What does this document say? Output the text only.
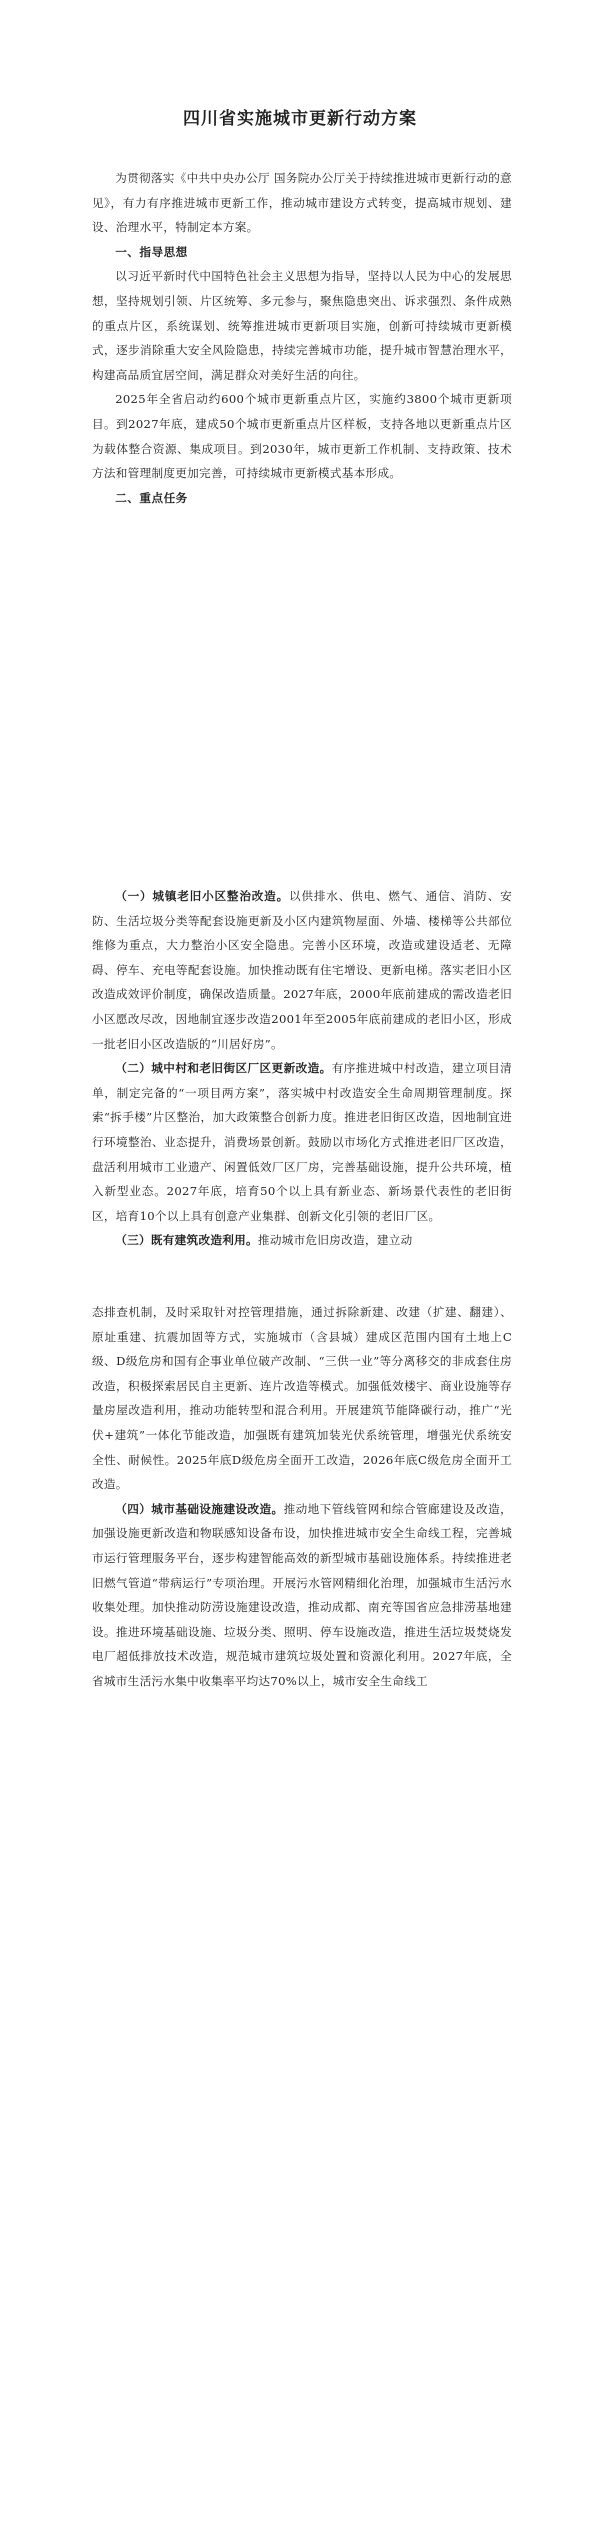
四川省实施城市更新行动方案

为贯彻落实《中共中央办公厅 国务院办公厅关于持续推进城市更新行动的意见》，有力有序推进城市更新工作，推动城市建设方式转变，提高城市规划、建设、治理水平，特制定本方案。

一、指导思想

以习近平新时代中国特色社会主义思想为指导，坚持以人民为中心的发展思想，坚持规划引领、片区统筹、多元参与，聚焦隐患突出、诉求强烈、条件成熟的重点片区，系统谋划、统筹推进城市更新项目实施，创新可持续城市更新模式，逐步消除重大安全风险隐患，持续完善城市功能，提升城市智慧治理水平，构建高品质宜居空间，满足群众对美好生活的向往。

2025年全省启动约600个城市更新重点片区，实施约3800个城市更新项目。到2027年底，建成50个城市更新重点片区样板，支持各地以更新重点片区为载体整合资源、集成项目。到2030年，城市更新工作机制、支持政策、技术方法和管理制度更加完善，可持续城市更新模式基本形成。

二、重点任务

（一）城镇老旧小区整治改造。以供排水、供电、燃气、通信、消防、安防、生活垃圾分类等配套设施更新及小区内建筑物屋面、外墙、楼梯等公共部位维修为重点，大力整治小区安全隐患。完善小区环境，改造或建设适老、无障碍、停车、充电等配套设施。加快推动既有住宅增设、更新电梯。落实老旧小区改造成效评价制度，确保改造质量。2027年底，2000年底前建成的需改造老旧小区愿改尽改，因地制宜逐步改造2001年至2005年底前建成的老旧小区，形成一批老旧小区改造版的“川居好房”。

（二）城中村和老旧街区厂区更新改造。有序推进城中村改造，建立项目清单，制定完备的“一项目两方案”，落实城中村改造安全生命周期管理制度。探索“拆手楼”片区整治，加大政策整合创新力度。推进老旧街区改造，因地制宜进行环境整治、业态提升，消费场景创新。鼓励以市场化方式推进老旧厂区改造，盘活利用城市工业遗产、闲置低效厂区厂房，完善基础设施，提升公共环境，植入新型业态。2027年底，培育50个以上具有新业态、新场景代表性的老旧街区，培育10个以上具有创意产业集群、创新文化引领的老旧厂区。

（三）既有建筑改造利用。推动城市危旧房改造，建立动

态排查机制，及时采取针对控管理措施，通过拆除新建、改建（扩建、翻建）、原址重建、抗震加固等方式，实施城市（含县城）建成区范围内国有土地上C级、D级危房和国有企事业单位破产改制、“三供一业”等分离移交的非成套住房改造，积极探索居民自主更新、连片改造等模式。加强低效楼宇、商业设施等存量房屋改造利用，推动功能转型和混合利用。开展建筑节能降碳行动，推广“光伏+建筑”一体化节能改造，加强既有建筑加装光伏系统管理，增强光伏系统安全性、耐候性。2025年底D级危房全面开工改造，2026年底C级危房全面开工改造。

（四）城市基础设施建设改造。推动地下管线管网和综合管廊建设及改造，加强设施更新改造和物联感知设备布设，加快推进城市安全生命线工程，完善城市运行管理服务平台，逐步构建智能高效的新型城市基础设施体系。持续推进老旧燃气管道“带病运行”专项治理。开展污水管网精细化治理，加强城市生活污水收集处理。加快推动防涝设施建设改造，推动成都、南充等国省应急排涝基地建设。推进环境基础设施、垃圾分类、照明、停车设施改造，推进生活垃圾焚烧发电厂超低排放技术改造，规范城市建筑垃圾处置和资源化利用。2027年底，全省城市生活污水集中收集率平均达70%以上，城市安全生命线工
